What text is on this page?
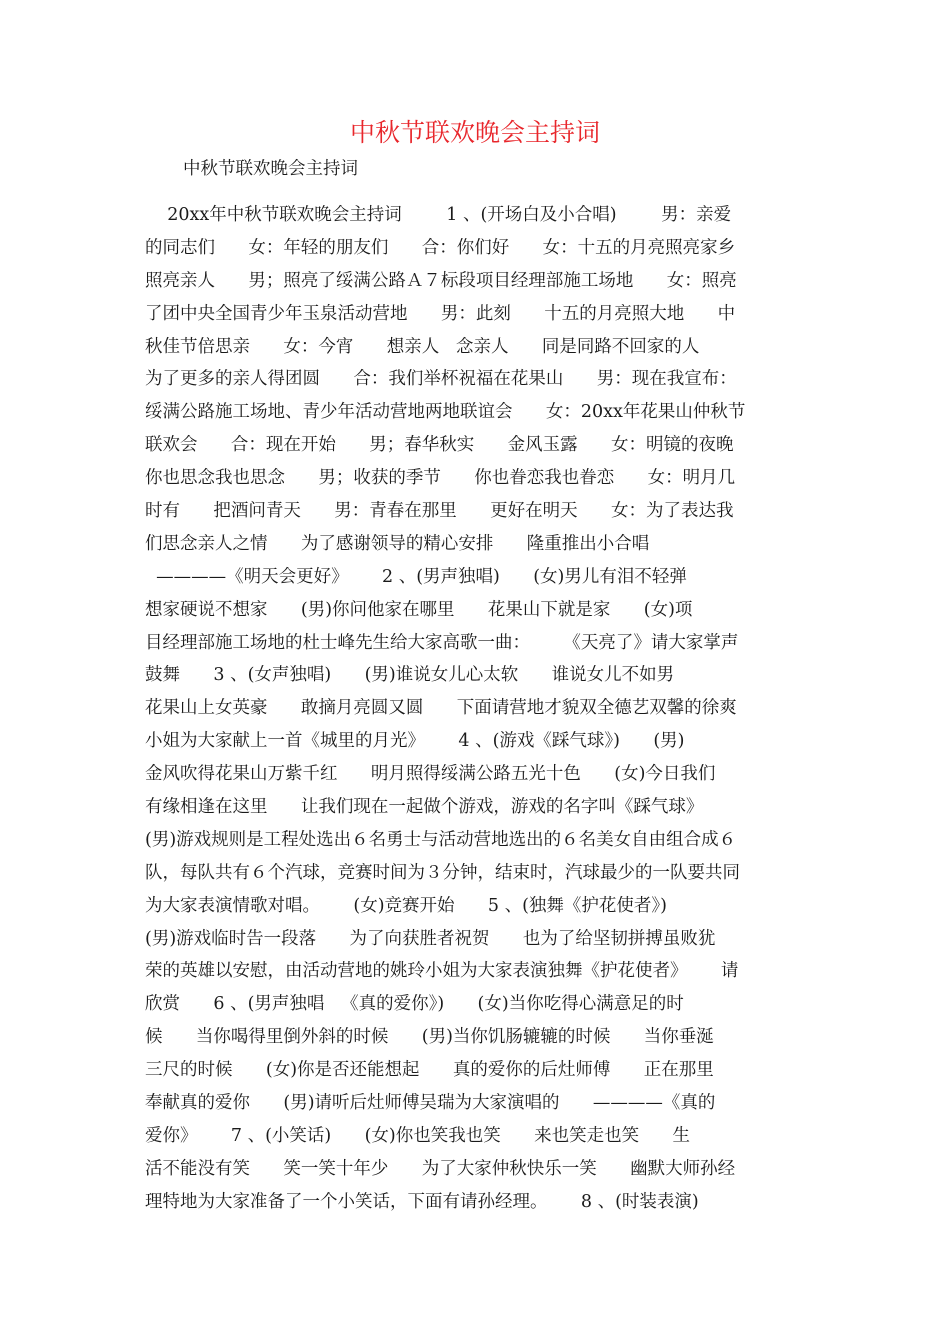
中秋节联欢晚会主持词

中秋节联欢晚会主持词

20xx年中秋节联欢晚会主持词        1 、(开场白及小合唱)        男：亲爱
的同志们      女：年轻的朋友们      合：你们好      女：十五的月亮照亮家乡
照亮亲人      男；照亮了绥满公路Ａ７标段项目经理部施工场地      女：照亮
了团中央全国青少年玉泉活动营地      男：此刻      十五的月亮照大地      中
秋佳节倍思亲      女：今宵      想亲人   念亲人      同是同路不回家的人
为了更多的亲人得团圆      合：我们举杯祝福在花果山      男：现在我宣布：
绥满公路施工场地、青少年活动营地两地联谊会      女：20xx年花果山仲秋节
联欢会      合：现在开始      男；春华秋实      金风玉露      女：明镜的夜晚
你也思念我也思念      男；收获的季节      你也眷恋我也眷恋      女：明月几
时有      把酒问青天      男：青春在那里      更好在明天      女：为了表达我
们思念亲人之情      为了感谢领导的精心安排      隆重推出小合唱
————《明天会更好》      2 、(男声独唱)      (女)男儿有泪不轻弹
想家硬说不想家      (男)你问他家在哪里      花果山下就是家      (女)项
目经理部施工场地的杜士峰先生给大家高歌一曲：      《天亮了》请大家掌声
鼓舞      3 、(女声独唱)      (男)谁说女儿心太软      谁说女儿不如男
花果山上女英豪      敢摘月亮圆又圆      下面请营地才貌双全德艺双馨的徐爽
小姐为大家献上一首《城里的月光》      4 、(游戏《踩气球》)      (男)
金风吹得花果山万紫千红      明月照得绥满公路五光十色      (女)今日我们
有缘相逢在这里      让我们现在一起做个游戏，游戏的名字叫《踩气球》
(男)游戏规则是工程处选出６名勇士与活动营地选出的６名美女自由组合成６
队，每队共有６个汽球，竞赛时间为３分钟，结束时，汽球最少的一队要共同
为大家表演情歌对唱。      (女)竞赛开始      5 、(独舞《护花使者》)
(男)游戏临时告一段落      为了向获胜者祝贺      也为了给坚韧拼搏虽败犹
荣的英雄以安慰，由活动营地的姚玲小姐为大家表演独舞《护花使者》      请
欣赏      6 、(男声独唱   《真的爱你》)      (女)当你吃得心满意足的时
候      当你喝得里倒外斜的时候      (男)当你饥肠辘辘的时候      当你垂涎
三尺的时候      (女)你是否还能想起      真的爱你的后灶师傅      正在那里
奉献真的爱你      (男)请听后灶师傅吴瑞为大家演唱的      ————《真的
爱你》      7 、(小笑话)      (女)你也笑我也笑      来也笑走也笑      生
活不能没有笑      笑一笑十年少      为了大家仲秋快乐一笑      幽默大师孙经
理特地为大家准备了一个小笑话，下面有请孙经理。      8 、(时装表演)
